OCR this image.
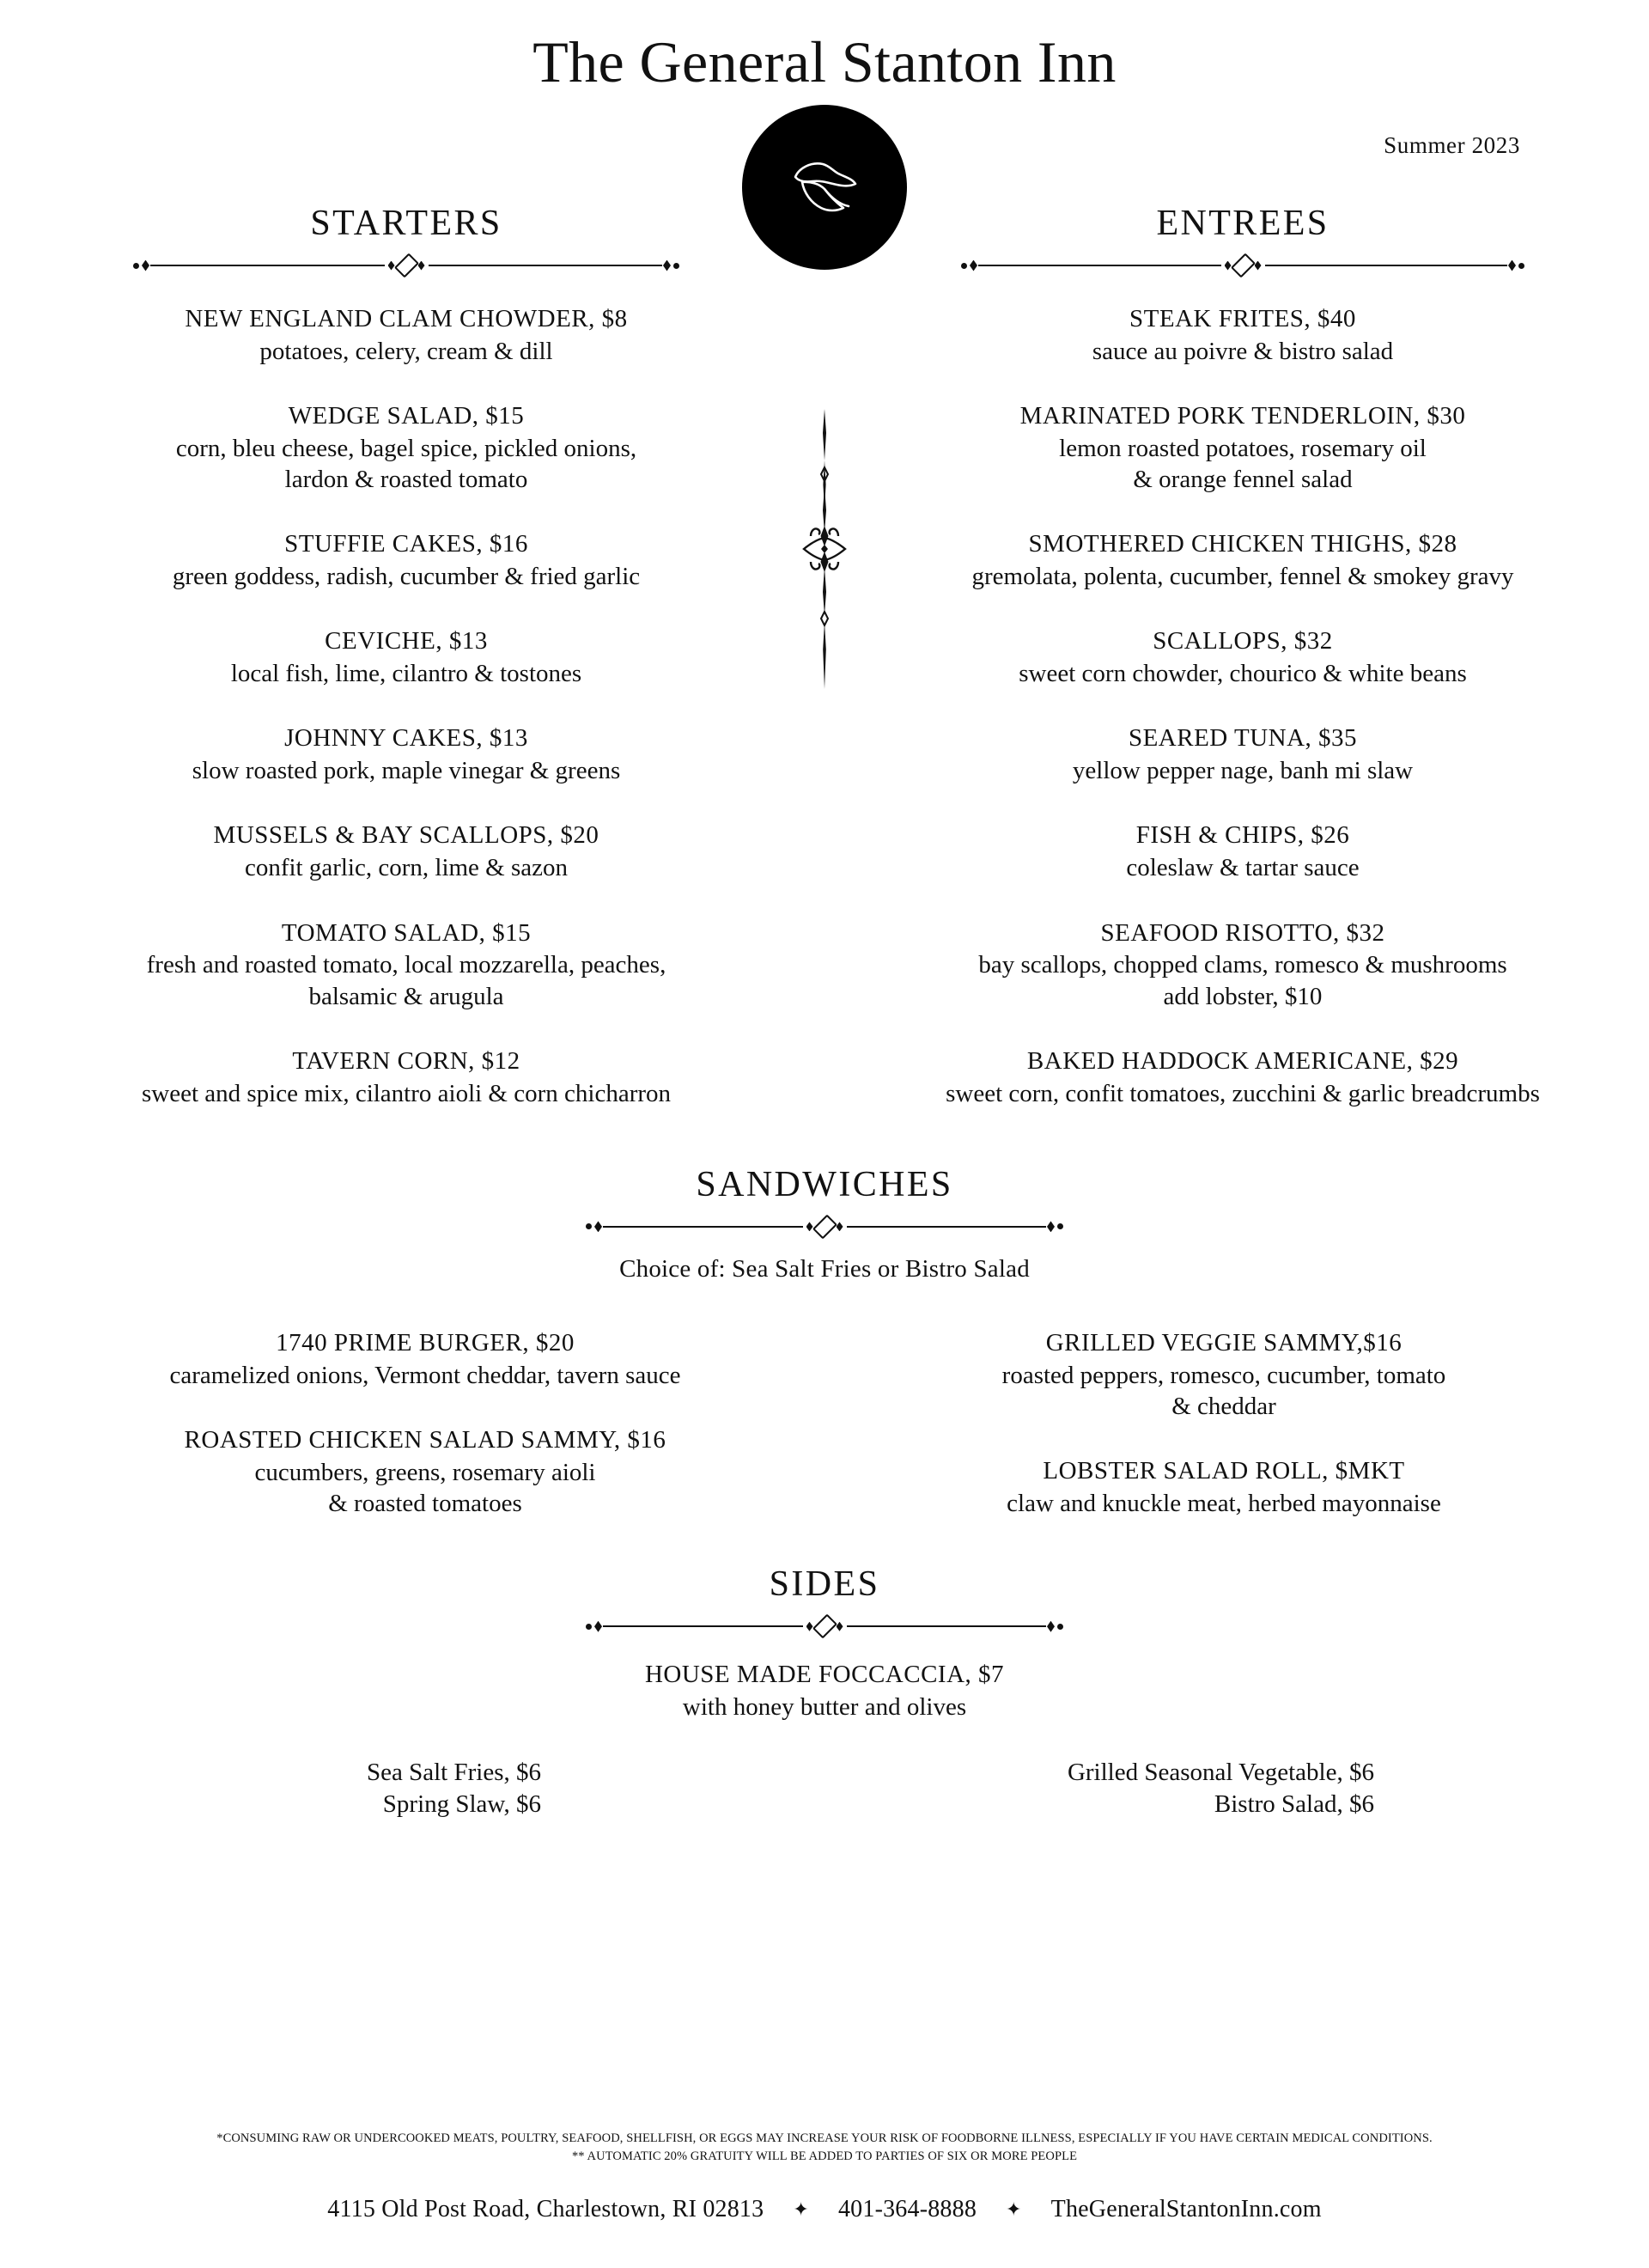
The General Stanton Inn
Summer 2023
STARTERS
NEW ENGLAND CLAM CHOWDER, $8
potatoes, celery, cream & dill
WEDGE SALAD, $15
corn, bleu cheese, bagel spice, pickled onions,
lardon & roasted tomato
STUFFIE CAKES, $16
green goddess, radish, cucumber & fried garlic
CEVICHE, $13
local fish, lime, cilantro & tostones
JOHNNY CAKES, $13
slow roasted pork, maple vinegar & greens
MUSSELS & BAY SCALLOPS, $20
confit garlic, corn, lime & sazon
TOMATO SALAD, $15
fresh and roasted tomato, local mozzarella, peaches,
balsamic & arugula
TAVERN CORN, $12
sweet and spice mix, cilantro aioli & corn chicharron
ENTREES
STEAK FRITES, $40
sauce au poivre & bistro salad
MARINATED PORK TENDERLOIN, $30
lemon roasted potatoes, rosemary oil
& orange fennel salad
SMOTHERED CHICKEN THIGHS, $28
gremolata, polenta, cucumber, fennel & smokey gravy
SCALLOPS, $32
sweet corn chowder, chourico & white beans
SEARED TUNA, $35
yellow pepper nage, banh mi slaw
FISH & CHIPS, $26
coleslaw & tartar sauce
SEAFOOD RISOTTO, $32
bay scallops, chopped clams, romesco & mushrooms
add lobster, $10
BAKED HADDOCK AMERICANE, $29
sweet corn, confit tomatoes, zucchini & garlic breadcrumbs
SANDWICHES
Choice of: Sea Salt Fries or Bistro Salad
1740 PRIME BURGER, $20
caramelized onions, Vermont cheddar, tavern sauce
ROASTED CHICKEN SALAD SAMMY, $16
cucumbers, greens, rosemary aioli
& roasted tomatoes
GRILLED VEGGIE SAMMY,$16
roasted peppers, romesco, cucumber, tomato
& cheddar
LOBSTER SALAD ROLL, $MKT
claw and knuckle meat, herbed mayonnaise
SIDES
HOUSE MADE FOCCACCIA, $7
with honey butter and olives
Sea Salt Fries, $6
Spring Slaw, $6
Grilled Seasonal Vegetable, $6
Bistro Salad, $6
*CONSUMING RAW OR UNDERCOOKED MEATS, POULTRY, SEAFOOD, SHELLFISH, OR EGGS MAY INCREASE YOUR RISK OF FOODBORNE ILLNESS, ESPECIALLY IF YOU HAVE CERTAIN MEDICAL CONDITIONS.
** AUTOMATIC 20% GRATUITY WILL BE ADDED TO PARTIES OF SIX OR MORE PEOPLE
4115 Old Post Road, Charlestown, RI 02813 ✦ 401-364-8888 ✦ TheGeneralStantonInn.com
